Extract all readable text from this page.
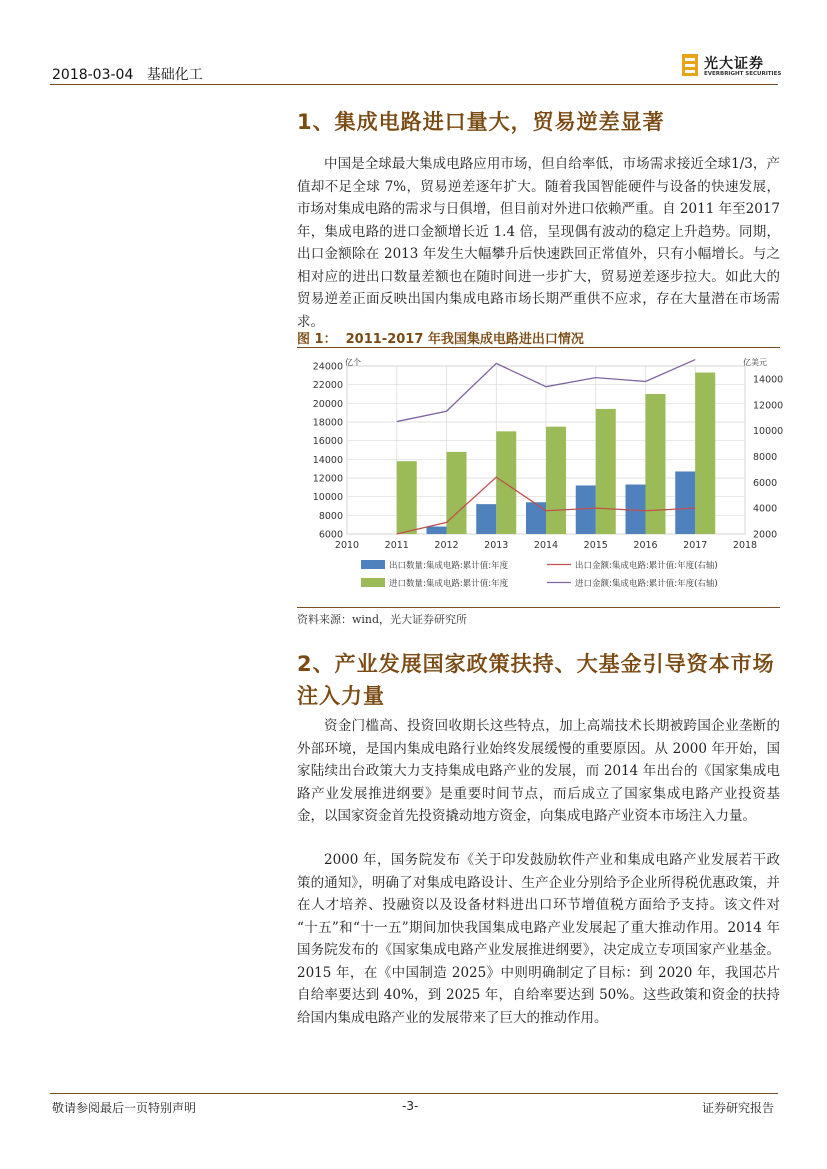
2018-03-04   基础化工
光大证券
EVERBRIGHT SECURITIES
1、集成电路进口量大，贸易逆差显著

中国是全球最大集成电路应用市场，但自给率低，市场需求接近全球1/3，产值却不足全球 7%，贸易逆差逐年扩大。随着我国智能硬件与设备的快速发展，市场对集成电路的需求与日俱增，但目前对外进口依赖严重。自 2011 年至2017 年，集成电路的进口金额增长近 1.4 倍，呈现偶有波动的稳定上升趋势。同期，出口金额除在 2013 年发生大幅攀升后快速跌回正常值外，只有小幅增长。与之相对应的进出口数量差额也在随时间进一步扩大，贸易逆差逐步拉大。如此大的贸易逆差正面反映出国内集成电路市场长期严重供不应求，存在大量潜在市场需求。

图 1：  2011-2017 年我国集成电路进出口情况
6000
8000
10000
12000
14000
16000
18000
20000
22000
24000 亿个
2000
4000
6000
8000
10000
12000
14000
亿美元
2010	2011	2012	2013	2014	2015	2016	2017	2018
出口数量:集成电路:累计值:年度
进口数量:集成电路:累计值:年度
出口金额:集成电路:累计值:年度(右轴)
进口金额:集成电路:累计值:年度(右轴)
资料来源：wind，光大证券研究所
2、产业发展国家政策扶持、大基金引导资本市场
注入力量

资金门槛高、投资回收期长这些特点，加上高端技术长期被跨国企业垄断的外部环境，是国内集成电路行业始终发展缓慢的重要原因。从 2000 年开始，国家陆续出台政策大力支持集成电路产业的发展，而 2014 年出台的《国家集成电路产业发展推进纲要》是重要时间节点，而后成立了国家集成电路产业投资基金，以国家资金首先投资撬动地方资金，向集成电路产业资本市场注入力量。

2000 年，国务院发布《关于印发鼓励软件产业和集成电路产业发展若干政策的通知》，明确了对集成电路设计、生产企业分别给予企业所得税优惠政策，并在人才培养、投融资以及设备材料进出口环节增值税方面给予支持。该文件对 “十五”和“十一五”期间加快我国集成电路产业发展起了重大推动作用。2014 年国务院发布的《国家集成电路产业发展推进纲要》，决定成立专项国家产业基金。2015 年，在《中国制造 2025》中则明确制定了目标：到 2020 年，我国芯片自给率要达到 40%，到 2025 年，自给率要达到 50%。这些政策和资金的扶持给国内集成电路产业的发展带来了巨大的推动作用。

敬请参阅最后一页特别声明	-3-	证券研究报告
